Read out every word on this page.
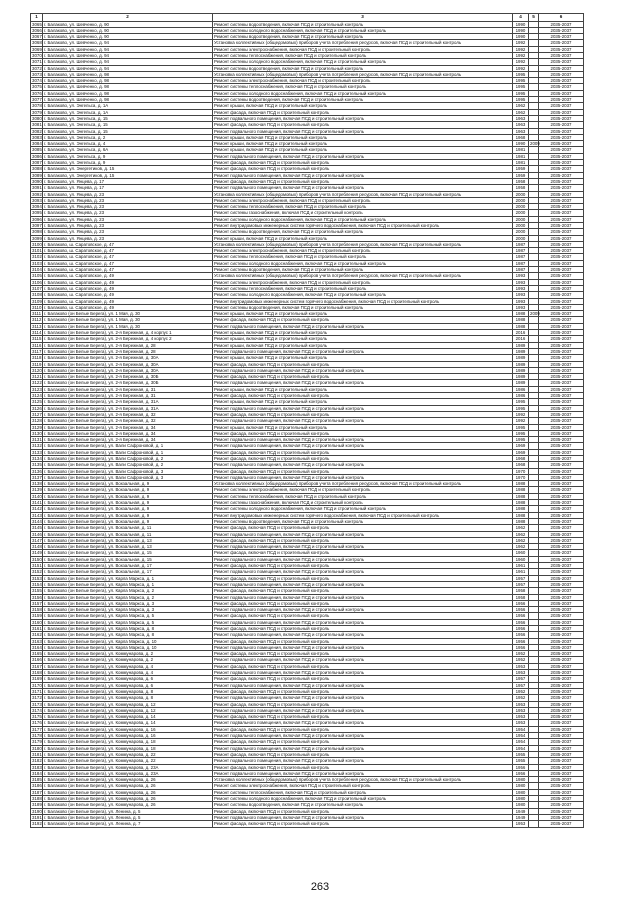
1	2	3	4	5	6
3065	г. Балаково, ул. Шевченко, д. 90	Ремонт системы водоотведения, включая ПСД и строительный контроль	1990		2035-2037
3066	г. Балаково, ул. Шевченко, д. 90	Ремонт системы холодного водоснабжения, включая ПСД и строительный контроль	1990		2035-2037
3067	г. Балаково, ул. Шевченко, д. 90	Ремонт системы водоотведения, включая ПСД и строительный контроль	1990		2035-2037
3068	г. Балаково, ул. Шевченко, д. 94	Установка коллективных (общедомовых) приборов учета потребления ресурсов, включая ПСД и строительный контроль	1992		2035-2037
3069	г. Балаково, ул. Шевченко, д. 94	Ремонт системы электроснабжения, включая ПСД и строительный контроль	1992		2035-2037
3070	г. Балаково, ул. Шевченко, д. 94	Ремонт системы теплоснабжения, включая ПСД и строительный контроль	1992		2035-2037
3071	г. Балаково, ул. Шевченко, д. 94	Ремонт системы холодного водоснабжения, включая ПСД и строительный контроль	1992		2035-2037
3072	г. Балаково, ул. Шевченко, д. 94	Ремонт системы водоотведения, включая ПСД и строительный контроль	1992		2035-2037
3073	г. Балаково, ул. Шевченко, д. 98	Установка коллективных (общедомовых) приборов учета потребления ресурсов, включая ПСД и строительный контроль	1995		2035-2037
3074	г. Балаково, ул. Шевченко, д. 98	Ремонт системы электроснабжения, включая ПСД и строительный контроль	1995		2035-2037
3075	г. Балаково, ул. Шевченко, д. 98	Ремонт системы теплоснабжения, включая ПСД и строительный контроль	1995		2035-2037
3076	г. Балаково, ул. Шевченко, д. 98	Ремонт системы холодного водоснабжения, включая ПСД и строительный контроль	1995		2035-2037
3077	г. Балаково, ул. Шевченко, д. 98	Ремонт системы водоотведения, включая ПСД и строительный контроль	1995		2035-2037
3078	г. Балаково, ул. Энгельса, д. 1А	Ремонт крыши, включая ПСД и строительный контроль	1962		2035-2037
3079	г. Балаково, ул. Энгельса, д. 1А	Ремонт фасада, включая ПСД и строительный контроль	1962		2035-2037
3080	г. Балаково, ул. Энгельса, д. 15	Ремонт подвального помещения, включая ПСД и строительный контроль	1963		2035-2037
3081	г. Балаково, ул. Энгельса, д. 15	Ремонт фасада, включая ПСД и строительный контроль	1963		2035-2037
3082	г. Балаково, ул. Энгельса, д. 15	Ремонт подвального помещения, включая ПСД и строительный контроль	1963		2035-2037
3083	г. Балаково, ул. Энгельса, д. 2	Ремонт крыши, включая ПСД и строительный контроль	1968		2035-2037
3084	г. Балаково, ул. Энгельса, д. 4	Ремонт крыши, включая ПСД и строительный контроль	1990	2009	2035-2037
3085	г. Балаково, ул. Энгельса, д. 6А	Ремонт крыши, включая ПСД и строительный контроль	1981		2035-2037
3086	г. Балаково, ул. Энгельса, д. 9	Ремонт подвального помещения, включая ПСД и строительный контроль	1981		2035-2037
3087	г. Балаково, ул. Энгельса, д. 9	Ремонт фасада, включая ПСД и строительный контроль	1981		2035-2037
3088	г. Балаково, ул. Энергетиков, д. 15	Ремонт фасада, включая ПСД и строительный контроль	1959		2035-2037
3089	г. Балаково, ул. Энергетиков, д. 15	Ремонт подвального помещения, включая ПСД и строительный контроль	1959		2035-2037
3090	г. Балаково, ул. Янцева, д. 17	Ремонт фасада, включая ПСД и строительный контроль	1958		2035-2037
3091	г. Балаково, ул. Янцева, д. 17	Ремонт подвального помещения, включая ПСД и строительный контроль	1958		2035-2037
3092	г. Балаково, ул. Янцева, д. 23	Установка коллективных (общедомовых) приборов учета потребления ресурсов, включая ПСД и строительный контроль	2000		2035-2037
3093	г. Балаково, ул. Янцева, д. 23	Ремонт системы электроснабжения, включая ПСД и строительный контроль	2000		2035-2037
3094	г. Балаково, ул. Янцева, д. 23	Ремонт системы теплоснабжения, включая ПСД и строительный контроль	2000		2035-2037
3095	г. Балаково, ул. Янцева, д. 23	Ремонт системы газоснабжения, включая ПСД и строительный контроль	2000		2035-2037
3096	г. Балаково, ул. Янцева, д. 23	Ремонт системы холодного водоснабжения, включая ПСД и строительный контроль	2000		2035-2037
3097	г. Балаково, ул. Янцева, д. 23	Ремонт внутридомовых инженерных систем горячего водоснабжения, включая ПСД и строительный контроль	2000		2035-2037
3098	г. Балаково, ул. Янцева, д. 23	Ремонт системы водоотведения, включая ПСД и строительный контроль	2000		2035-2037
3099	г. Балаково, ул. Янцева, д. 23	Ремонт крыши, включая ПСД и строительный контроль	2000		2035-2037
3100	г. Балаково, ш. Саратовское, д. 47	Установка коллективных (общедомовых) приборов учета потребления ресурсов, включая ПСД и строительный контроль	1987		2035-2037
3101	г. Балаково, ш. Саратовское, д. 47	Ремонт системы электроснабжения, включая ПСД и строительный контроль	1987		2035-2037
3102	г. Балаково, ш. Саратовское, д. 47	Ремонт системы теплоснабжения, включая ПСД и строительный контроль	1987		2035-2037
3103	г. Балаково, ш. Саратовское, д. 47	Ремонт системы холодного водоснабжения, включая ПСД и строительный контроль	1987		2035-2037
3104	г. Балаково, ш. Саратовское, д. 47	Ремонт системы водоотведения, включая ПСД и строительный контроль	1987		2035-2037
3105	г. Балаково, ш. Саратовское, д. 49	Установка коллективных (общедомовых) приборов учета потребления ресурсов, включая ПСД и строительный контроль	1993		2035-2037
3106	г. Балаково, ш. Саратовское, д. 49	Ремонт системы электроснабжения, включая ПСД и строительный контроль	1993		2035-2037
3107	г. Балаково, ш. Саратовское, д. 49	Ремонт системы теплоснабжения, включая ПСД и строительный контроль	1993		2035-2037
3108	г. Балаково, ш. Саратовское, д. 49	Ремонт системы холодного водоснабжения, включая ПСД и строительный контроль	1993		2035-2037
3109	г. Балаково, ш. Саратовское, д. 49	Ремонт внутридомовых инженерных систем горячего водоснабжения, включая ПСД и строительный контроль	1993		2035-2037
3110	г. Балаково, ш. Саратовское, д. 49	Ремонт системы водоотведения, включая ПСД и строительный контроль	1993		2035-2037
3111	г. Балаково (он Белые Берега), ул. 1 Мая, д. 30	Ремонт крыши, включая ПСД и строительный контроль	1988	2009	2035-2037
3112	г. Балаково (он Белые Берега), ул. 1 Мая, д. 30	Ремонт фасада, включая ПСД и строительный контроль	1988		2035-2037
3113	г. Балаково (он Белые Берега), ул. 1 Мая, д. 30	Ремонт подвального помещения, включая ПСД и строительный контроль	1988		2035-2037
3114	г. Балаково (он Белые Берега), ул. 2-я Бережная, д. 4 корпус 1	Ремонт крыши, включая ПСД и строительный контроль	2016		2035-2037
3115	г. Балаково (он Белые Берега), ул. 2-я Бережная, д. 4 корпус 2	Ремонт крыши, включая ПСД и строительный контроль	2016		2035-2037
3116	г. Балаково (он Белые Берега), ул. 2-я Бережная, д. 28	Ремонт крыши, включая ПСД и строительный контроль	1989		2035-2037
3117	г. Балаково (он Белые Берега), ул. 2-я Бережная, д. 28	Ремонт подвального помещения, включая ПСД и строительный контроль	1989		2035-2037
3118	г. Балаково (он Белые Берега), ул. 2-я Бережная, д. 30А	Ремонт крыши, включая ПСД и строительный контроль	1989		2035-2037
3119	г. Балаково (он Белые Берега), ул. 2-я Бережная, д. 30А	Ремонт фасада, включая ПСД и строительный контроль	1989		2035-2037
3120	г. Балаково (он Белые Берега), ул. 2-я Бережная, д. 30А	Ремонт подвального помещения, включая ПСД и строительный контроль	1989		2035-2037
3121	г. Балаково (он Белые Берега), ул. 2-я Бережная, д. 30Б	Ремонт фасада, включая ПСД и строительный контроль	1989		2035-2037
3122	г. Балаково (он Белые Берега), ул. 2-я Бережная, д. 30Б	Ремонт подвального помещения, включая ПСД и строительный контроль	1989		2035-2037
3123	г. Балаково (он Белые Берега), ул. 2-я Бережная, д. 31	Ремонт крыши, включая ПСД и строительный контроль	1986		2035-2037
3124	г. Балаково (он Белые Берега), ул. 2-я Бережная, д. 31	Ремонт фасада, включая ПСД и строительный контроль	1986		2035-2037
3125	г. Балаково (он Белые Берега), ул. 2-я Бережная, д. 31А	Ремонт крыши, включая ПСД и строительный контроль	1995		2035-2037
3126	г. Балаково (он Белые Берега), ул. 2-я Бережная, д. 31А	Ремонт подвального помещения, включая ПСД и строительный контроль	1995		2035-2037
3127	г. Балаково (он Белые Берега), ул. 2-я Бережная, д. 32	Ремонт фасада, включая ПСД и строительный контроль	1992		2035-2037
3128	г. Балаково (он Белые Берега), ул. 2-я Бережная, д. 32	Ремонт подвального помещения, включая ПСД и строительный контроль	1992		2035-2037
3129	г. Балаково (он Белые Берега), ул. 2-я Бережная, д. 34	Ремонт крыши, включая ПСД и строительный контроль	1995		2035-2037
3130	г. Балаково (он Белые Берега), ул. 2-я Бережная, д. 34	Ремонт фасада, включая ПСД и строительный контроль	1995		2035-2037
3131	г. Балаково (он Белые Берега), ул. 2-я Бережная, д. 34	Ремонт подвального помещения, включая ПСД и строительный контроль	1995		2035-2037
3132	г. Балаково (он Белые Берега), ул. Вали Сафроновой, д. 1	Ремонт подвального помещения, включая ПСД и строительный контроль	1969		2035-2037
3133	г. Балаково (он Белые Берега), ул. Вали Сафроновой, д. 1	Ремонт фасада, включая ПСД и строительный контроль	1969		2035-2037
3134	г. Балаково (он Белые Берега), ул. Вали Сафроновой, д. 2	Ремонт фасада, включая ПСД и строительный контроль	1968		2035-2037
3135	г. Балаково (он Белые Берега), ул. Вали Сафроновой, д. 2	Ремонт подвального помещения, включая ПСД и строительный контроль	1968		2035-2037
3136	г. Балаково (он Белые Берега), ул. Вали Сафроновой, д. 3	Ремонт фасада, включая ПСД и строительный контроль	1970		2035-2037
3137	г. Балаково (он Белые Берега), ул. Вали Сафроновой, д. 3	Ремонт подвального помещения, включая ПСД и строительный контроль	1970		2035-2037
3138	г. Балаково (он Белые Берега), ул. Вокзальная, д. 9	Установка коллективных (общедомовых) приборов учета потребления ресурсов, включая ПСД и строительный контроль	1988		2035-2037
3139	г. Балаково (он Белые Берега), ул. Вокзальная, д. 9	Ремонт системы электроснабжения, включая ПСД и строительный контроль	1988		2035-2037
3140	г. Балаково (он Белые Берега), ул. Вокзальная, д. 9	Ремонт системы теплоснабжения, включая ПСД и строительный контроль	1988		2035-2037
3141	г. Балаково (он Белые Берега), ул. Вокзальная, д. 9	Ремонт системы газоснабжения, включая ПСД и строительный контроль	1988		2035-2037
3142	г. Балаково (он Белые Берега), ул. Вокзальная, д. 9	Ремонт системы холодного водоснабжения, включая ПСД и строительный контроль	1988		2035-2037
3143	г. Балаково (он Белые Берега), ул. Вокзальная, д. 9	Ремонт внутридомовых инженерных систем горячего водоснабжения, включая ПСД и строительный контроль	1988		2035-2037
3144	г. Балаково (он Белые Берега), ул. Вокзальная, д. 9	Ремонт системы водоотведения, включая ПСД и строительный контроль	1988		2035-2037
3145	г. Балаково (он Белые Берега), ул. Вокзальная, д. 11	Ремонт фасада, включая ПСД и строительный контроль	1962		2035-2037
3146	г. Балаково (он Белые Берега), ул. Вокзальная, д. 11	Ремонт подвального помещения, включая ПСД и строительный контроль	1962		2035-2037
3147	г. Балаково (он Белые Берега), ул. Вокзальная, д. 13	Ремонт фасада, включая ПСД и строительный контроль	1962		2035-2037
3148	г. Балаково (он Белые Берега), ул. Вокзальная, д. 13	Ремонт подвального помещения, включая ПСД и строительный контроль	1962		2035-2037
3149	г. Балаково (он Белые Берега), ул. Вокзальная, д. 15	Ремонт фасада, включая ПСД и строительный контроль	1960		2035-2037
3150	г. Балаково (он Белые Берега), ул. Вокзальная, д. 15	Ремонт подвального помещения, включая ПСД и строительный контроль	1960		2035-2037
3151	г. Балаково (он Белые Берега), ул. Вокзальная, д. 17	Ремонт фасада, включая ПСД и строительный контроль	1961		2035-2037
3152	г. Балаково (он Белые Берега), ул. Вокзальная, д. 17	Ремонт подвального помещения, включая ПСД и строительный контроль	1961		2035-2037
3153	г. Балаково (он Белые Берега), ул. Карла Маркса, д. 1	Ремонт фасада, включая ПСД и строительный контроль	1957		2035-2037
3154	г. Балаково (он Белые Берега), ул. Карла Маркса, д. 1	Ремонт подвального помещения, включая ПСД и строительный контроль	1957		2035-2037
3155	г. Балаково (он Белые Берега), ул. Карла Маркса, д. 2	Ремонт фасада, включая ПСД и строительный контроль	1958		2035-2037
3156	г. Балаково (он Белые Берега), ул. Карла Маркса, д. 2	Ремонт подвального помещения, включая ПСД и строительный контроль	1958		2035-2037
3157	г. Балаково (он Белые Берега), ул. Карла Маркса, д. 3	Ремонт фасада, включая ПСД и строительный контроль	1956		2035-2037
3158	г. Балаково (он Белые Берега), ул. Карла Маркса, д. 3	Ремонт подвального помещения, включая ПСД и строительный контроль	1956		2035-2037
3159	г. Балаково (он Белые Берега), ул. Карла Маркса, д. 5	Ремонт фасада, включая ПСД и строительный контроль	1956		2035-2037
3160	г. Балаково (он Белые Берега), ул. Карла Маркса, д. 5	Ремонт подвального помещения, включая ПСД и строительный контроль	1956		2035-2037
3161	г. Балаково (он Белые Берега), ул. Карла Маркса, д. 8	Ремонт фасада, включая ПСД и строительный контроль	1956		2035-2037
3162	г. Балаково (он Белые Берега), ул. Карла Маркса, д. 8	Ремонт подвального помещения, включая ПСД и строительный контроль	1956		2035-2037
3163	г. Балаково (он Белые Берега), ул. Карла Маркса, д. 10	Ремонт фасада, включая ПСД и строительный контроль	1956		2035-2037
3164	г. Балаково (он Белые Берега), ул. Карла Маркса, д. 10	Ремонт подвального помещения, включая ПСД и строительный контроль	1956		2035-2037
3165	г. Балаково (он Белые Берега), ул. Коммунарова, д. 2	Ремонт фасада, включая ПСД и строительный контроль	1952		2035-2037
3166	г. Балаково (он Белые Берега), ул. Коммунарова, д. 2	Ремонт подвального помещения, включая ПСД и строительный контроль	1952		2035-2037
3167	г. Балаково (он Белые Берега), ул. Коммунарова, д. 4	Ремонт фасада, включая ПСД и строительный контроль	1953		2035-2037
3168	г. Балаково (он Белые Берега), ул. Коммунарова, д. 4	Ремонт подвального помещения, включая ПСД и строительный контроль	1953		2035-2037
3169	г. Балаково (он Белые Берега), ул. Коммунарова, д. 6	Ремонт фасада, включая ПСД и строительный контроль	1957		2035-2037
3170	г. Балаково (он Белые Берега), ул. Коммунарова, д. 6	Ремонт подвального помещения, включая ПСД и строительный контроль	1957		2035-2037
3171	г. Балаково (он Белые Берега), ул. Коммунарова, д. 8	Ремонт фасада, включая ПСД и строительный контроль	1952		2035-2037
3172	г. Балаково (он Белые Берега), ул. Коммунарова, д. 8	Ремонт подвального помещения, включая ПСД и строительный контроль	1952		2035-2037
3173	г. Балаково (он Белые Берега), ул. Коммунарова, д. 12	Ремонт фасада, включая ПСД и строительный контроль	1953		2035-2037
3174	г. Балаково (он Белые Берега), ул. Коммунарова, д. 12	Ремонт подвального помещения, включая ПСД и строительный контроль	1953		2035-2037
3175	г. Балаково (он Белые Берега), ул. Коммунарова, д. 14	Ремонт фасада, включая ПСД и строительный контроль	1953		2035-2037
3176	г. Балаково (он Белые Берега), ул. Коммунарова, д. 14	Ремонт подвального помещения, включая ПСД и строительный контроль	1953		2035-2037
3177	г. Балаково (он Белые Берега), ул. Коммунарова, д. 16	Ремонт фасада, включая ПСД и строительный контроль	1954		2035-2037
3178	г. Балаково (он Белые Берега), ул. Коммунарова, д. 16	Ремонт подвального помещения, включая ПСД и строительный контроль	1954		2035-2037
3179	г. Балаково (он Белые Берега), ул. Коммунарова, д. 18	Ремонт фасада, включая ПСД и строительный контроль	1954		2035-2037
3180	г. Балаково (он Белые Берега), ул. Коммунарова, д. 18	Ремонт подвального помещения, включая ПСД и строительный контроль	1954		2035-2037
3181	г. Балаково (он Белые Берега), ул. Коммунарова, д. 22	Ремонт фасада, включая ПСД и строительный контроль	1955		2035-2037
3182	г. Балаково (он Белые Берега), ул. Коммунарова, д. 22	Ремонт подвального помещения, включая ПСД и строительный контроль	1955		2035-2037
3183	г. Балаково (он Белые Берега), ул. Коммунарова, д. 23А	Ремонт фасада, включая ПСД и строительный контроль	1956		2035-2037
3184	г. Балаково (он Белые Берега), ул. Коммунарова, д. 23А	Ремонт подвального помещения, включая ПСД и строительный контроль	1956		2035-2037
3185	г. Балаково (он Белые Берега), ул. Коммунарова, д. 26	Установка коллективных (общедомовых) приборов учета потребления ресурсов, включая ПСД и строительный контроль	1980		2035-2037
3186	г. Балаково (он Белые Берега), ул. Коммунарова, д. 26	Ремонт системы электроснабжения, включая ПСД и строительный контроль	1980		2035-2037
3187	г. Балаково (он Белые Берега), ул. Коммунарова, д. 26	Ремонт системы теплоснабжения, включая ПСД и строительный контроль	1980		2035-2037
3188	г. Балаково (он Белые Берега), ул. Коммунарова, д. 26	Ремонт системы холодного водоснабжения, включая ПСД и строительный контроль	1980		2035-2037
3189	г. Балаково (он Белые Берега), ул. Коммунарова, д. 26	Ремонт системы водоотведения, включая ПСД и строительный контроль	1980		2035-2037
3190	г. Балаково (он Белые Берега), ул. Ленина, д. 5	Ремонт фасада, включая ПСД и строительный контроль	1949		2035-2037
3191	г. Балаково (он Белые Берега), ул. Ленина, д. 5	Ремонт подвального помещения, включая ПСД и строительный контроль	1949		2035-2037
3192	г. Балаково (он Белые Берега), ул. Ленина, д. 7	Ремонт фасада, включая ПСД и строительный контроль	1953		2035-2037
263
